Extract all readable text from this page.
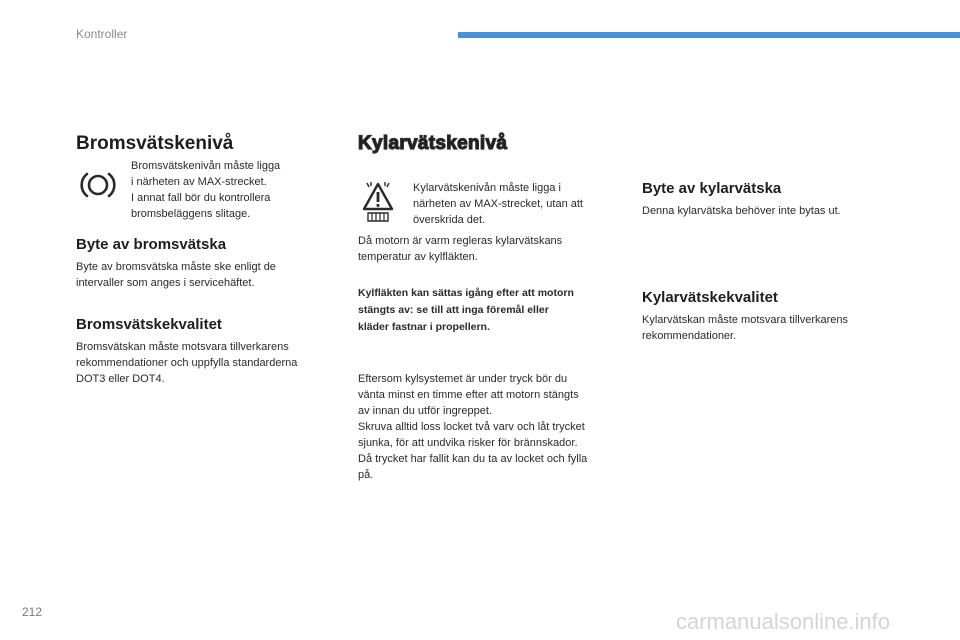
Kontroller
Bromsvätskenivå

Bromsvätskenivån måste ligga

i närheten av MAX-strecket.

I annat fall bör du kontrollera

bromsbeläggens slitage.

Byte av bromsvätska

Byte av bromsvätska måste ske enligt de

intervaller som anges i servicehäftet.

Bromsvätskekvalitet

Bromsvätskan måste motsvara tillverkarens

rekommendationer och uppfylla standarderna

DOT3 eller DOT4.

Kylarvätskenivå

Kylarvätskenivån måste ligga i

närheten av MAX-strecket, utan att

överskrida det.

Då motorn är varm regleras kylarvätskans

temperatur av kylfläkten.

Kylfläkten kan sättas igång efter att motorn

stängts av: se till att inga föremål eller

kläder fastnar i propellern.

Eftersom kylsystemet är under tryck bör du

vänta minst en timme efter att motorn stängts

av innan du utför ingreppet.

Skruva alltid loss locket två varv och låt trycket

sjunka, för att undvika risker för brännskador.

Då trycket har fallit kan du ta av locket och fylla

på.

Byte av kylarvätska

Denna kylarvätska behöver inte bytas ut.

Kylarvätskekvalitet

Kylarvätskan måste motsvara tillverkarens

rekommendationer.

212	carmanualsonline.info
